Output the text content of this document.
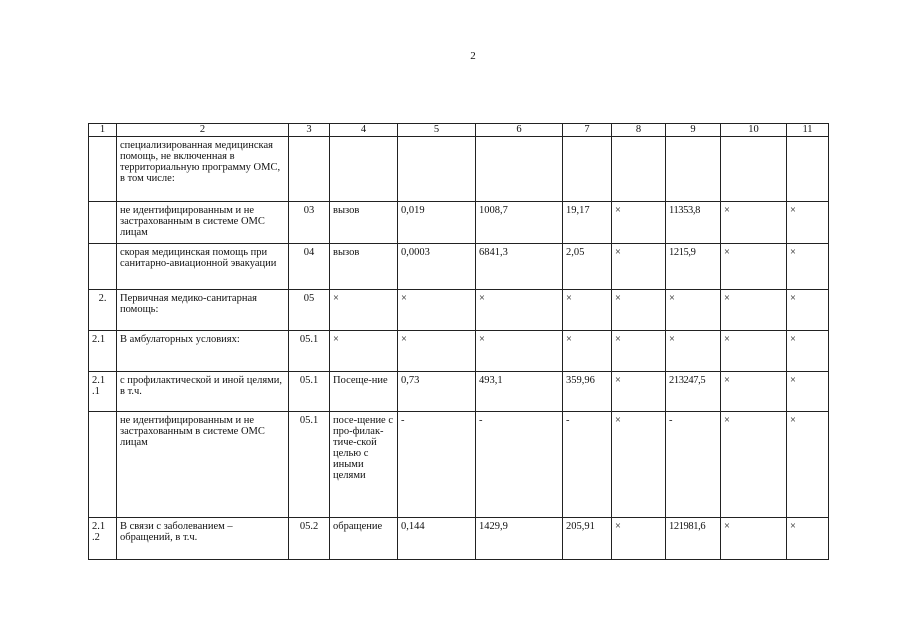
2
1	2	3	4	5	6	7	8	9	10	11
	специализированная медицинская помощь, не включенная в территориальную программу ОМС, в том числе:									
	не идентифицированным и не застрахованным в системе ОМС лицам	03	вызов	0,019	1008,7	19,17	×	11353,8	×	×
	скорая медицинская помощь при санитарно-авиационной эвакуации	04	вызов	0,0003	6841,3	2,05	×	1215,9	×	×
2.	Первичная медико-санитарная помощь:	05	×	×	×	×	×	×	×	×
2.1	В амбулаторных условиях:	05.1	×	×	×	×	×	×	×	×
2.1 .1	с профилактической и иной целями, в т.ч.	05.1	Посеще-ние	0,73	493,1	359,96	×	213247,5	×	×
	не идентифицированным и не застрахованным в системе ОМС лицам	05.1	посе-щение с про-филак-тиче-ской целью с иными целями	-	-	-	×	-	×	×
2.1 .2	В связи с заболеванием – обращений, в т.ч.	05.2	обращение	0,144	1429,9	205,91	×	121981,6	×	×
